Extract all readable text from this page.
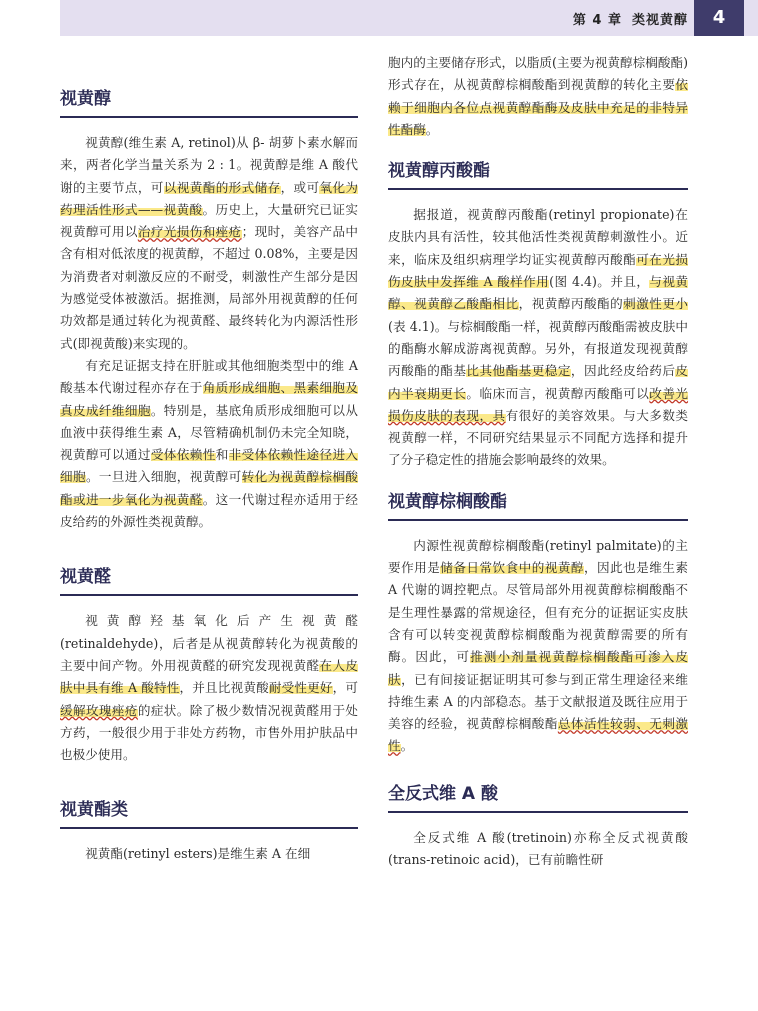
第 4 章 类视黄醇	4
视黄醇

视黄醇(维生素 A, retinol)从 β- 胡萝卜素水解而来，两者化学当量关系为 2 : 1。视黄醇是维 A 酸代谢的主要节点，可以视黄酯的形式储存，或可氧化为药理活性形式——视黄酸。历史上，大量研究已证实视黄醇可用以治疗光损伤和痤疮；现时，美容产品中含有相对低浓度的视黄醇，不超过 0.08%，主要是因为消费者对刺激反应的不耐受，刺激性产生部分是因为感觉受体被激活。据推测，局部外用视黄醇的任何功效都是通过转化为视黄醛、最终转化为内源活性形式(即视黄酸)来实现的。

有充足证据支持在肝脏或其他细胞类型中的维 A 酸基本代谢过程亦存在于角质形成细胞、黑素细胞及真皮成纤维细胞。特别是，基底角质形成细胞可以从血液中获得维生素 A，尽管精确机制仍未完全知晓，视黄醇可以通过受体依赖性和非受体依赖性途径进入细胞。一旦进入细胞，视黄醇可转化为视黄醇棕榈酸酯或进一步氧化为视黄醛。这一代谢过程亦适用于经皮给药的外源性类视黄醇。

视黄醛

视黄醇羟基氧化后产生视黄醛(retinaldehyde)，后者是从视黄醇转化为视黄酸的主要中间产物。外用视黄醛的研究发现视黄醛在人皮肤中具有维 A 酸特性，并且比视黄酸耐受性更好，可缓解玫瑰痤疮的症状。除了极少数情况视黄醛用于处方药，一般很少用于非处方药物，市售外用护肤品中也极少使用。

视黄酯类

视黄酯(retinyl esters)是维生素 A 在细

胞内的主要储存形式，以脂质(主要为视黄醇棕榈酸酯)形式存在，从视黄醇棕榈酸酯到视黄醇的转化主要依赖于细胞内各位点视黄醇酯酶及皮肤中充足的非特异性酯酶。

视黄醇丙酸酯

据报道，视黄醇丙酸酯(retinyl propionate)在皮肤内具有活性，较其他活性类视黄醇刺激性小。近来，临床及组织病理学均证实视黄醇丙酸酯可在光损伤皮肤中发挥维 A 酸样作用(图 4.4)。并且，与视黄醇、视黄醇乙酸酯相比，视黄醇丙酸酯的刺激性更小(表 4.1)。与棕榈酸酯一样，视黄醇丙酸酯需被皮肤中的酯酶水解成游离视黄醇。另外，有报道发现视黄醇丙酸酯的酯基比其他酯基更稳定，因此经皮给药后皮内半衰期更长。临床而言，视黄醇丙酸酯可以改善光损伤皮肤的表现，具有很好的美容效果。与大多数类视黄醇一样，不同研究结果显示不同配方选择和提升了分子稳定性的措施会影响最终的效果。

视黄醇棕榈酸酯

内源性视黄醇棕榈酸酯(retinyl palmitate)的主要作用是储备日常饮食中的视黄醇，因此也是维生素 A 代谢的调控靶点。尽管局部外用视黄醇棕榈酸酯不是生理性暴露的常规途径，但有充分的证据证实皮肤含有可以转变视黄醇棕榈酸酯为视黄醇需要的所有酶。因此，可推测小剂量视黄醇棕榈酸酯可渗入皮肤，已有间接证据证明其可参与到正常生理途径来维持维生素 A 的内部稳态。基于文献报道及既往应用于美容的经验，视黄醇棕榈酸酯总体活性较弱、无刺激性。

全反式维 A 酸

全反式维 A 酸(tretinoin)亦称全反式视黄酸(trans-retinoic acid)，已有前瞻性研
